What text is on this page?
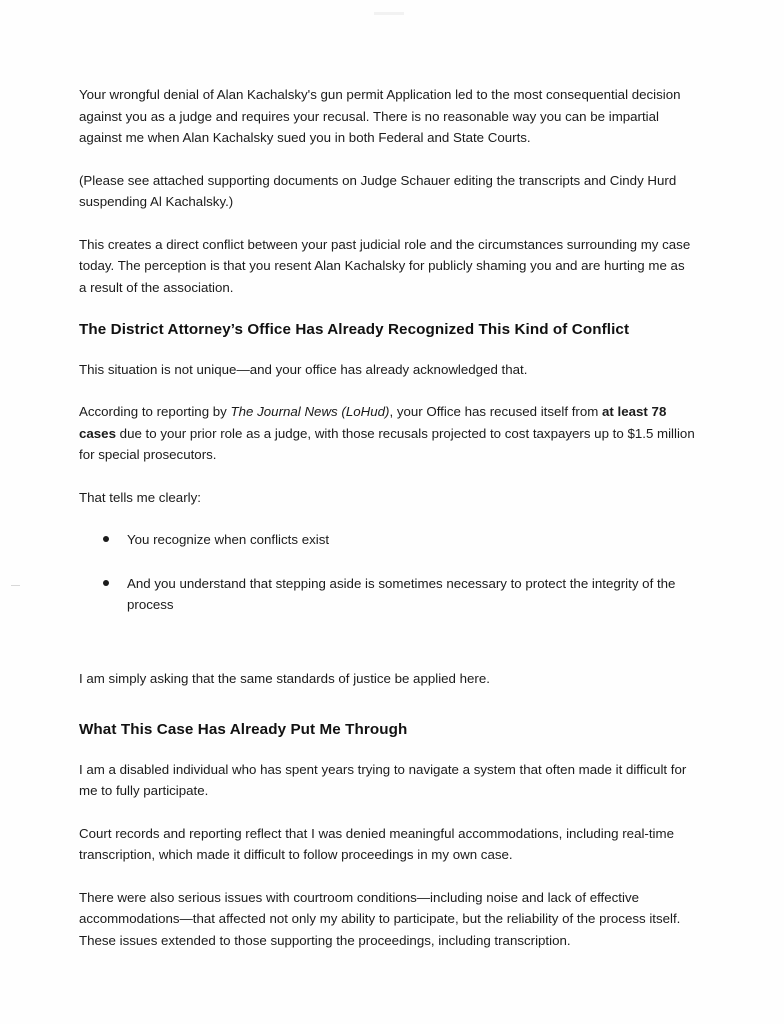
Your wrongful denial of Alan Kachalsky's gun permit Application led to the most consequential decision against you as a judge and requires your recusal. There is no reasonable way you can be impartial against me when Alan Kachalsky sued you in both Federal and State Courts.

(Please see attached supporting documents on Judge Schauer editing the transcripts and Cindy Hurd suspending Al Kachalsky.)

This creates a direct conflict between your past judicial role and the circumstances surrounding my case today. The perception is that you resent Alan Kachalsky for publicly shaming you and are hurting me as a result of the association.

The District Attorney’s Office Has Already Recognized This Kind of Conflict

This situation is not unique—and your office has already acknowledged that.

According to reporting by The Journal News (LoHud), your Office has recused itself from at least 78 cases due to your prior role as a judge, with those recusals projected to cost taxpayers up to $1.5 million for special prosecutors.

That tells me clearly:

You recognize when conflicts exist
And you understand that stepping aside is sometimes necessary to protect the integrity of the process

I am simply asking that the same standards of justice be applied here.

What This Case Has Already Put Me Through

I am a disabled individual who has spent years trying to navigate a system that often made it difficult for me to fully participate.

Court records and reporting reflect that I was denied meaningful accommodations, including real-time transcription, which made it difficult to follow proceedings in my own case.

There were also serious issues with courtroom conditions—including noise and lack of effective accommodations—that affected not only my ability to participate, but the reliability of the process itself. These issues extended to those supporting the proceedings, including transcription.
